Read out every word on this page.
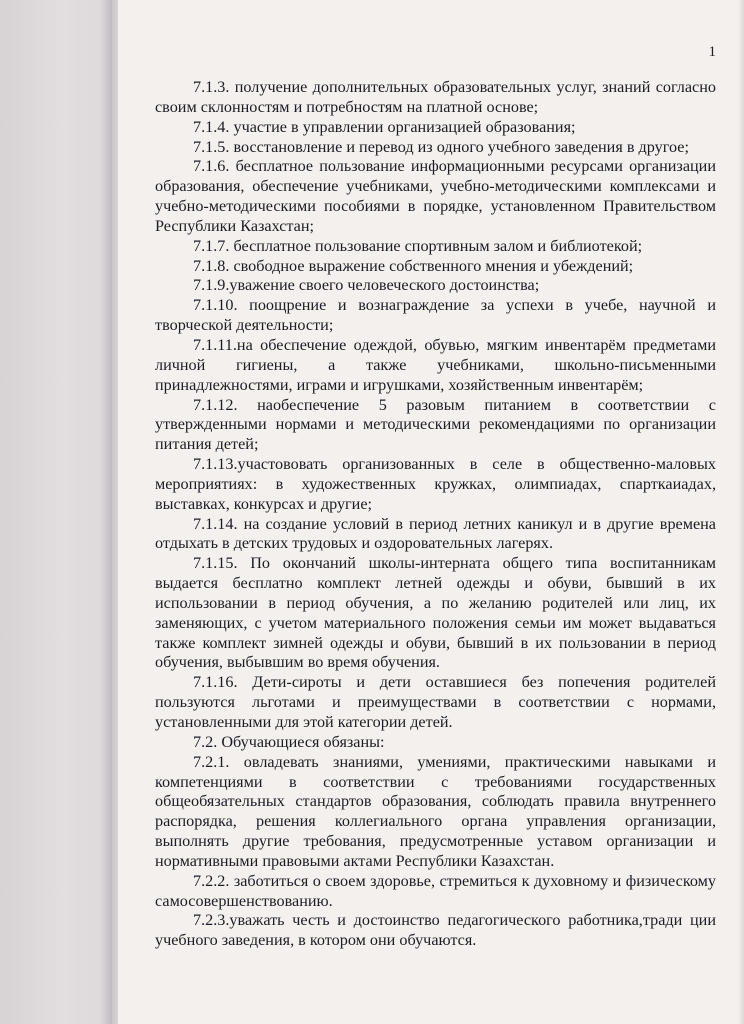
1

7.1.3. получение дополнительных образовательных услуг, знаний согласно своим склонностям и потребностям на платной основе;

7.1.4. участие в управлении организацией образования;

7.1.5. восстановление и перевод из одного учебного заведения в другое;

7.1.6. бесплатное пользование информационными ресурсами организации образования, обеспечение учебниками, учебно-методическими комплексами и учебно-методическими пособиями в порядке, установленном Правительством Республики Казахстан;

7.1.7. бесплатное пользование спортивным залом и библиотекой;

7.1.8. свободное выражение собственного мнения и убеждений;

7.1.9.уважение своего человеческого достоинства;

7.1.10. поощрение и вознаграждение за успехи в учебе, научной и творческой деятельности;

7.1.11.на обеспечение одеждой, обувью, мягким инвентарём предметами личной гигиены, а также учебниками, школьно-письменными принадлежностями, играми и игрушками, хозяйственным инвентарём;

7.1.12. наобеспечение 5 разовым питанием в соответствии с утвержденными нормами и методическими рекомендациями по организации питания детей;

7.1.13.участововать организованных в селе в общественно-маловых мероприятиях: в художественных кружках, олимпиадах, спарткаиадах, выставках, конкурсах и другие;

7.1.14. на создание условий в период летних каникул и в другие времена отдыхать в детских трудовых и оздоровательных лагерях.

7.1.15. По окончаний школы-интерната общего типа воспитанникам выдается бесплатно комплект летней одежды и обуви, бывший в их использовании в период обучения, а по желанию родителей или лиц, их заменяющих, с учетом материального положения семьи им может выдаваться также комплект зимней одежды и обуви, бывший в их пользовании в период обучения, выбывшим во время обучения.

7.1.16. Дети-сироты и дети оставшиеся без попечения родителей пользуются льготами и преимуществами в соответствии с нормами, установленными для этой категории детей.

7.2. Обучающиеся обязаны:

7.2.1. овладевать знаниями, умениями, практическими навыками и компетенциями в соответствии с требованиями государственных общеобязательных стандартов образования, соблюдать правила внутреннего распорядка, решения коллегиального органа управления организации, выполнять другие требования, предусмотренные уставом организации и нормативными правовыми актами Республики Казахстан.

7.2.2. заботиться о своем здоровье, стремиться к духовному и физическому самосовершенствованию.

7.2.3.уважать честь и достоинство педагогического работника,тради ции учебного заведения, в котором они обучаются.
